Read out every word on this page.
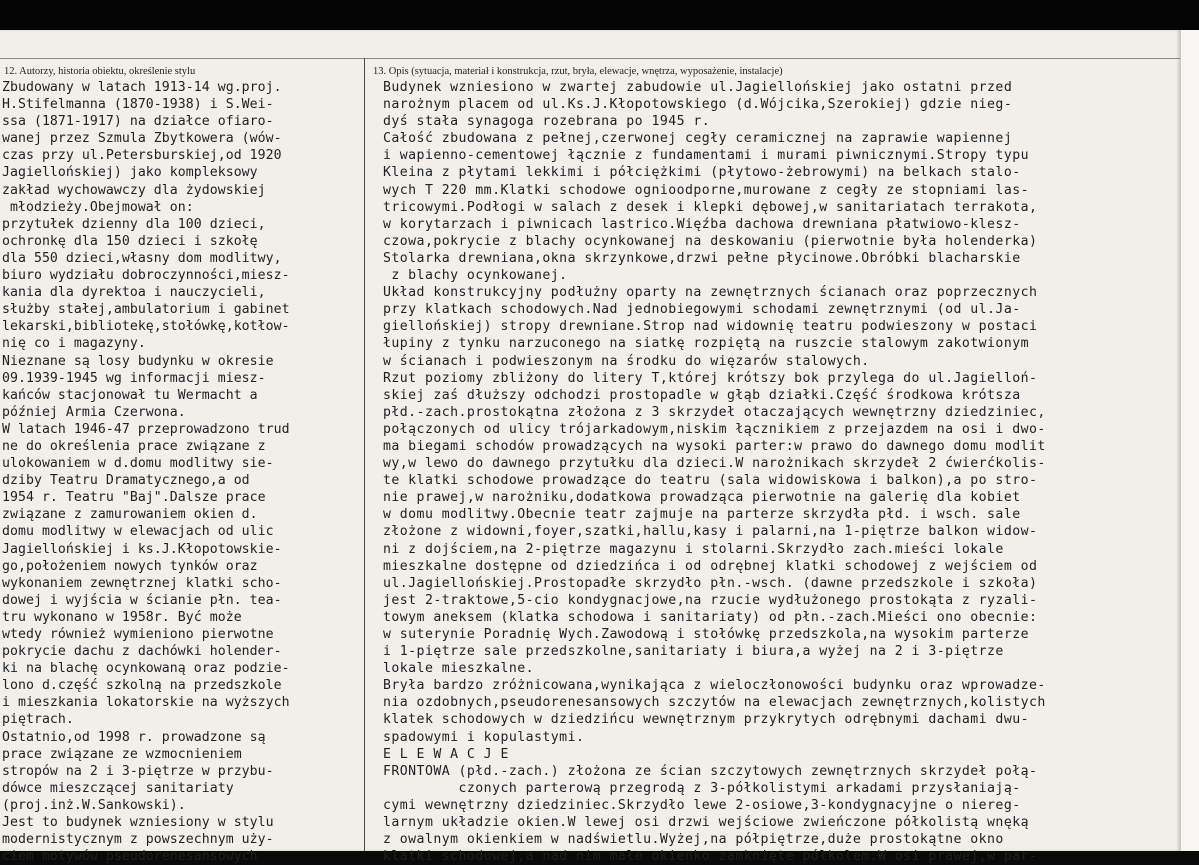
12. Autorzy, historia obiektu, określenie stylu	13. Opis (sytuacja, materiał i konstrukcja, rzut, bryła, elewacje, wnętrza, wyposażenie, instalacje)
Zbudowany w latach 1913-14 wg.proj.
H.Stifelmanna (1870-1938) i S.Wei-
ssa (1871-1917) na działce ofiaro-
wanej przez Szmula Zbytkowera (wów-
czas przy ul.Petersburskiej,od 1920
Jagiellońskiej) jako kompleksowy
zakład wychowawczy dla żydowskiej
młodzieży.Obejmował on:
przytułek dzienny dla 100 dzieci,
ochronkę dla 150 dzieci i szkołę
dla 550 dzieci,własny dom modlitwy,
biuro wydziału dobroczynności,miesz-
kania dla dyrektoa i nauczycieli,
służby stałej,ambulatorium i gabinet
lekarski,bibliotekę,stołówkę,kotłow-
nię co i magazyny.
Nieznane są losy budynku w okresie
09.1939-1945 wg informacji miesz-
kańców stacjonował tu Wermacht a
później Armia Czerwona.
W latach 1946-47 przeprowadzono trud
ne do określenia prace związane z
ulokowaniem w d.domu modlitwy sie-
dziby Teatru Dramatycznego,a od
1954 r. Teatru "Baj".Dalsze prace
związane z zamurowaniem okien d.
domu modlitwy w elewacjach od ulic
Jagiellońskiej i ks.J.Kłopotowskie-
go,położeniem nowych tynków oraz
wykonaniem zewnętrznej klatki scho-
dowej i wyjścia w ścianie płn. tea-
tru wykonano w 1958r. Być może
wtedy również wymieniono pierwotne
pokrycie dachu z dachówki holender-
ki na blachę ocynkowaną oraz podzie-
lono d.część szkolną na przedszkole
i mieszkania lokatorskie na wyższych
piętrach.
Ostatnio,od 1998 r. prowadzone są
prace związane ze wzmocnieniem
stropów na 2 i 3-piętrze w przybu-
dówce mieszczącej sanitariaty
(proj.inż.W.Sankowski).
Jest to budynek wzniesiony w stylu
modernistycznym z powszechnym uży-
ciem motywów pseudorenesansowych
Budynek wzniesiono w zwartej zabudowie ul.Jagiellońskiej jako ostatni przed
narożnym placem od ul.Ks.J.Kłopotowskiego (d.Wójcika,Szerokiej) gdzie nieg-
dyś stała synagoga rozebrana po 1945 r.
Całość zbudowana z pełnej,czerwonej cegły ceramicznej na zaprawie wapiennej
i wapienno-cementowej łącznie z fundamentami i murami piwnicznymi.Stropy typu
Kleina z płytami lekkimi i półciężkimi (płytowo-żebrowymi) na belkach stalo-
wych T 220 mm.Klatki schodowe ognioodporne,murowane z cegły ze stopniami las-
tricowymi.Podłogi w salach z desek i klepki dębowej,w sanitariatach terrakota,
w korytarzach i piwnicach lastrico.Więźba dachowa drewniana płatwiowo-klesz-
czowa,pokrycie z blachy ocynkowanej na deskowaniu (pierwotnie była holenderka)
Stolarka drewniana,okna skrzynkowe,drzwi pełne płycinowe.Obróbki blacharskie
z blachy ocynkowanej.
Układ konstrukcyjny podłużny oparty na zewnętrznych ścianach oraz poprzecznych
przy klatkach schodowych.Nad jednobiegowymi schodami zewnętrznymi (od ul.Ja-
giellońskiej) stropy drewniane.Strop nad widownię teatru podwieszony w postaci
łupiny z tynku narzuconego na siatkę rozpiętą na ruszcie stalowym zakotwionym
w ścianach i podwieszonym na środku do więzarów stalowych.
Rzut poziomy zbliżony do litery T,której krótszy bok przylega do ul.Jagielloń-
skiej zaś dłuższy odchodzi prostopadle w głąb działki.Część środkowa krótsza
płd.-zach.prostokątna złożona z 3 skrzydeł otaczających wewnętrzny dziedziniec,
połączonych od ulicy trójarkadowym,niskim łącznikiem z przejazdem na osi i dwo-
ma biegami schodów prowadzących na wysoki parter:w prawo do dawnego domu modlit
wy,w lewo do dawnego przytułku dla dzieci.W narożnikach skrzydeł 2 ćwierćkolis-
te klatki schodowe prowadzące do teatru (sala widowiskowa i balkon),a po stro-
nie prawej,w narożniku,dodatkowa prowadząca pierwotnie na galerię dla kobiet
w domu modlitwy.Obecnie teatr zajmuje na parterze skrzydła płd. i wsch. sale
złożone z widowni,foyer,szatki,hallu,kasy i palarni,na 1-piętrze balkon widow-
ni z dojściem,na 2-piętrze magazynu i stolarni.Skrzydło zach.mieści lokale
mieszkalne dostępne od dziedzińca i od odrębnej klatki schodowej z wejściem od
ul.Jagiellońskiej.Prostopadłe skrzydło płn.-wsch. (dawne przedszkole i szkoła)
jest 2-traktowe,5-cio kondygnacjowe,na rzucie wydłużonego prostokąta z ryzali-
towym aneksem (klatka schodowa i sanitariaty) od płn.-zach.Mieści ono obecnie:
w suterynie Poradnię Wych.Zawodową i stołówkę przedszkola,na wysokim parterze
i 1-piętrze sale przedszkolne,sanitariaty i biura,a wyżej na 2 i 3-piętrze
lokale mieszkalne.
Bryła bardzo zróżnicowana,wynikająca z wieloczłonowości budynku oraz wprowadze-
nia ozdobnych,pseudorenesansowych szczytów na elewacjach zewnętrznych,kolistych
klatek schodowych w dziedzińcu wewnętrznym przykrytych odrębnymi dachami dwu-
spadowymi i kopulastymi.
E L E W A C J E
FRONTOWA (płd.-zach.) złożona ze ścian szczytowych zewnętrznych skrzydeł połą-
czonych parterową przegrodą z 3-półkolistymi arkadami przysłaniają-
cymi wewnętrzny dziedziniec.Skrzydło lewe 2-osiowe,3-kondygnacyjne o niereg-
larnym układzie okien.W lewej osi drzwi wejściowe zwieńczone półkolistą wnęką
z owalnym okienkiem w nadświetlu.Wyżej,na półpiętrze,duże prostokątne okno
klatki schodowej,a nad nim małe okienko zamknięte półkolem.W osi prawej,w par-
